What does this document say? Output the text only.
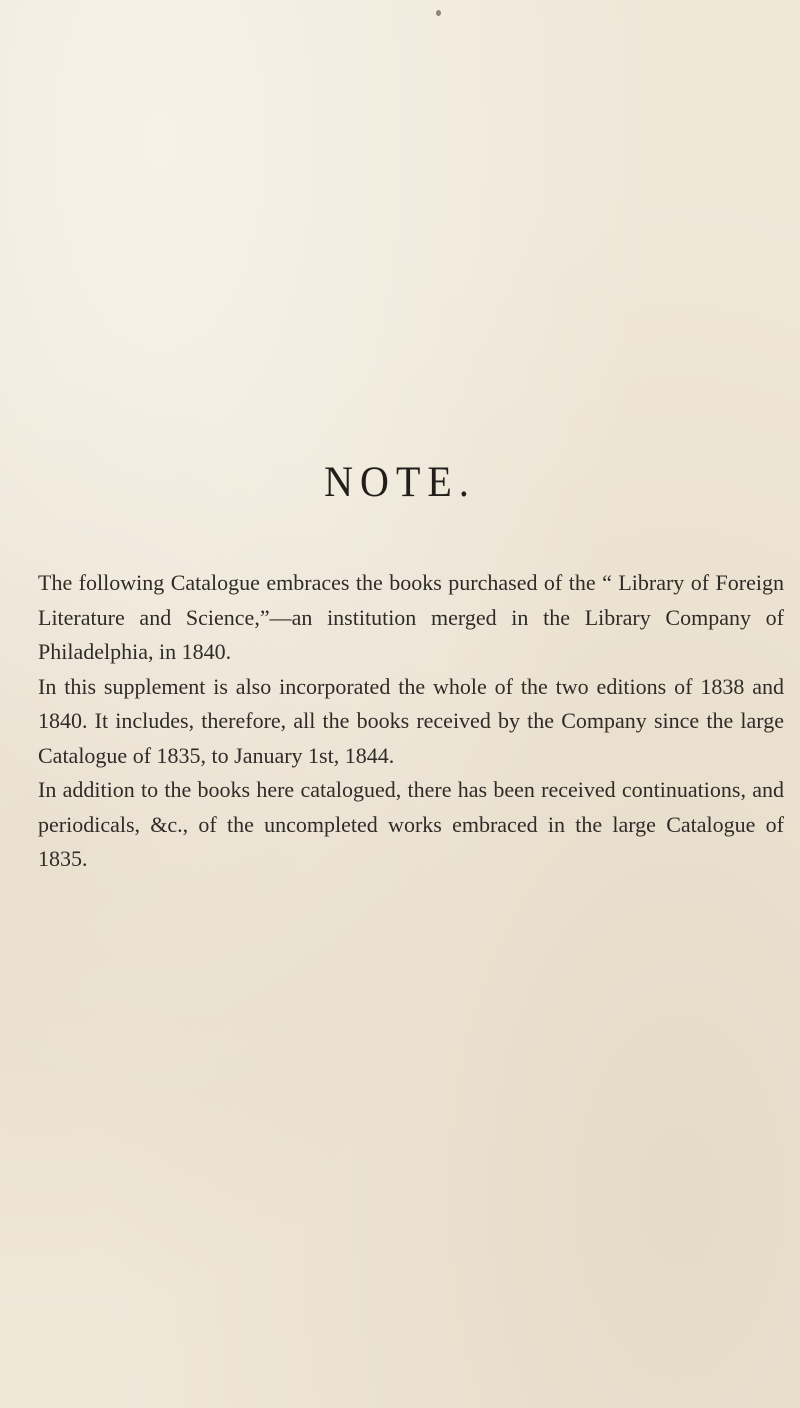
NOTE.

The following Catalogue embraces the books purchased of the “ Library of Foreign Literature and Science,”—an institution merged in the Library Company of Philadelphia, in 1840.

In this supplement is also incorporated the whole of the two editions of 1838 and 1840. It includes, therefore, all the books received by the Company since the large Catalogue of 1835, to January 1st, 1844.

In addition to the books here catalogued, there has been received continuations, and periodicals, &c., of the uncompleted works embraced in the large Catalogue of 1835.
